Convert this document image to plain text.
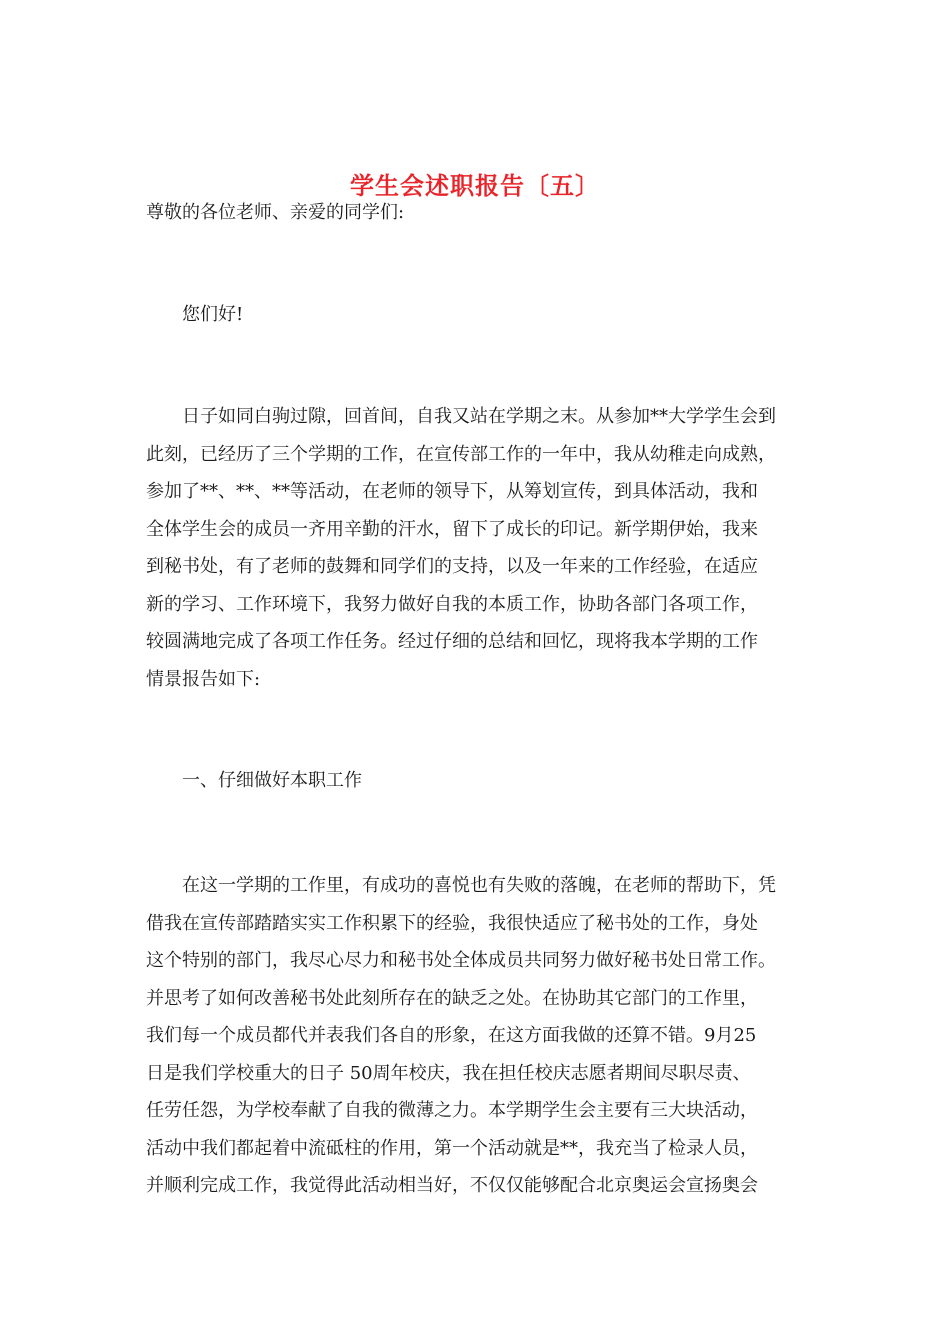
学生会述职报告〔五〕

尊敬的各位老师、亲爱的同学们:

　　您们好!

　　日子如同白驹过隙，回首间，自我又站在学期之末。从参加**大学学生会到
此刻，已经历了三个学期的工作，在宣传部工作的一年中，我从幼稚走向成熟，
参加了**、**、**等活动，在老师的领导下，从筹划宣传，到具体活动，我和
全体学生会的成员一齐用辛勤的汗水，留下了成长的印记。新学期伊始，我来
到秘书处，有了老师的鼓舞和同学们的支持，以及一年来的工作经验，在适应
新的学习、工作环境下，我努力做好自我的本质工作，协助各部门各项工作，
较圆满地完成了各项工作任务。经过仔细的总结和回忆，现将我本学期的工作
情景报告如下:

　　一、仔细做好本职工作

　　在这一学期的工作里，有成功的喜悦也有失败的落魄，在老师的帮助下，凭
借我在宣传部踏踏实实工作积累下的经验，我很快适应了秘书处的工作，身处
这个特别的部门，我尽心尽力和秘书处全体成员共同努力做好秘书处日常工作。
并思考了如何改善秘书处此刻所存在的缺乏之处。在协助其它部门的工作里，
我们每一个成员都代并表我们各自的形象，在这方面我做的还算不错。9月25
日是我们学校重大的日子 50周年校庆，我在担任校庆志愿者期间尽职尽责、
任劳任怨，为学校奉献了自我的微薄之力。本学期学生会主要有三大块活动，
活动中我们都起着中流砥柱的作用，第一个活动就是**，我充当了检录人员，
并顺利完成工作，我觉得此活动相当好，不仅仅能够配合北京奥运会宣扬奥会
